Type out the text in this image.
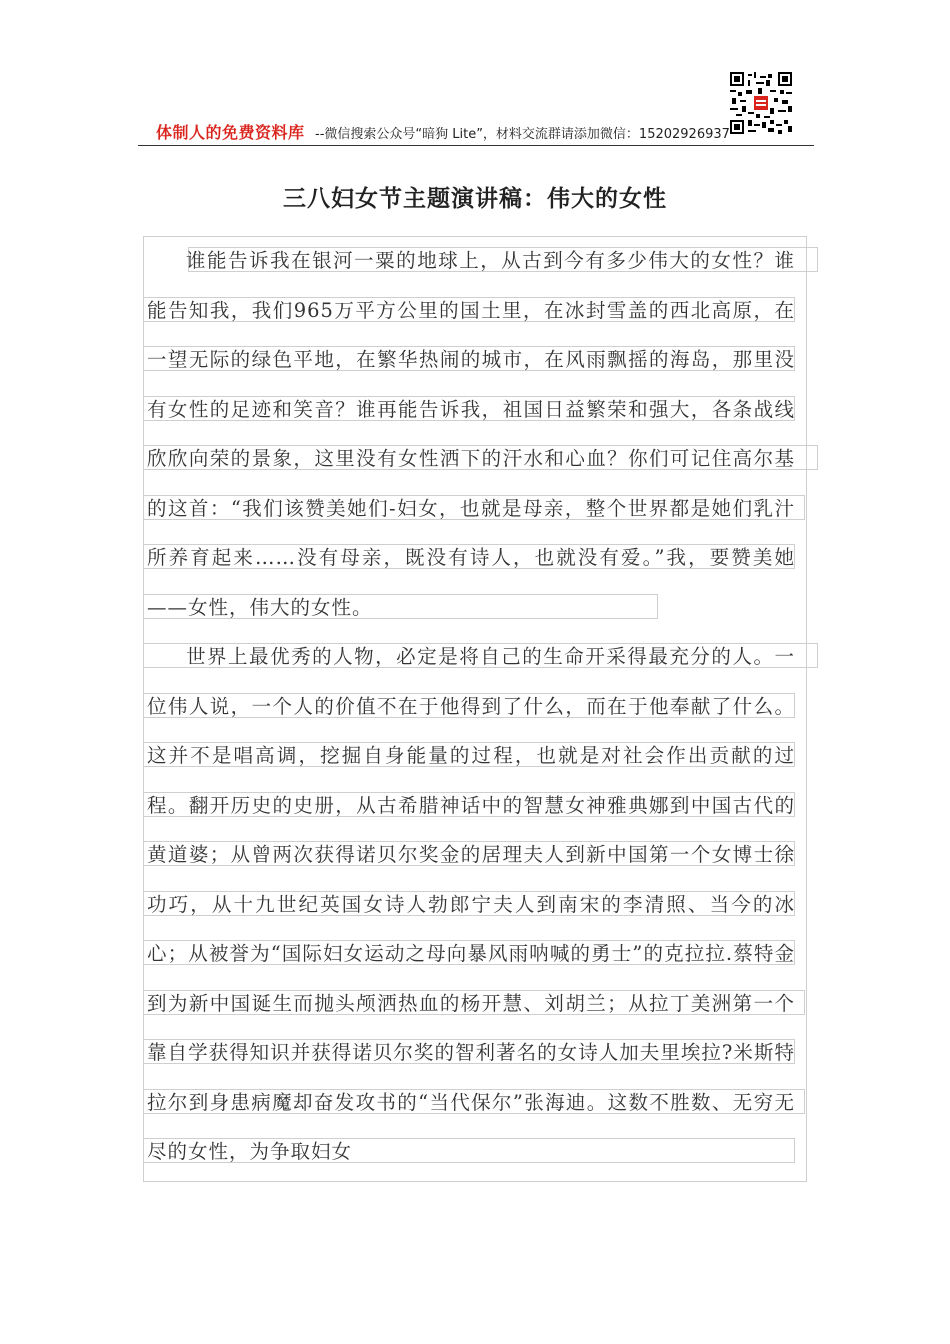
体制人的免费资料库 --微信搜索公众号“暗狗 Lite”，材料交流群请添加微信：15202926937
三八妇女节主题演讲稿：伟大的女性
谁能告诉我在银河一粟的地球上，从古到今有多少伟大的女性？谁能告知我，我们965万平方公里的国土里，在冰封雪盖的西北高原，在一望无际的绿色平地，在繁华热闹的城市，在风雨飘摇的海岛，那里没有女性的足迹和笑音？谁再能告诉我，祖国日益繁荣和强大，各条战线欣欣向荣的景象，这里没有女性洒下的汗水和心血？你们可记住高尔基的这首：“我们该赞美她们-妇女，也就是母亲，整个世界都是她们乳汁所养育起来……没有母亲，既没有诗人，也就没有爱。”我，要赞美她——女性，伟大的女性。
世界上最优秀的人物，必定是将自己的生命开采得最充分的人。一位伟人说，一个人的价值不在于他得到了什么，而在于他奉献了什么。这并不是唱高调，挖掘自身能量的过程，也就是对社会作出贡献的过程。翻开历史的史册，从古希腊神话中的智慧女神雅典娜到中国古代的黄道婆；从曾两次获得诺贝尔奖金的居理夫人到新中国第一个女博士徐功巧，从十九世纪英国女诗人勃郎宁夫人到南宋的李清照、当今的冰心；从被誉为“国际妇女运动之母向暴风雨呐喊的勇士”的克拉拉.蔡特金到为新中国诞生而抛头颅洒热血的杨开慧、刘胡兰；从拉丁美洲第一个靠自学获得知识并获得诺贝尔奖的智利著名的女诗人加夫里埃拉?米斯特拉尔到身患病魔却奋发攻书的“当代保尔”张海迪。这数不胜数、无穷无尽的女性，为争取妇女
